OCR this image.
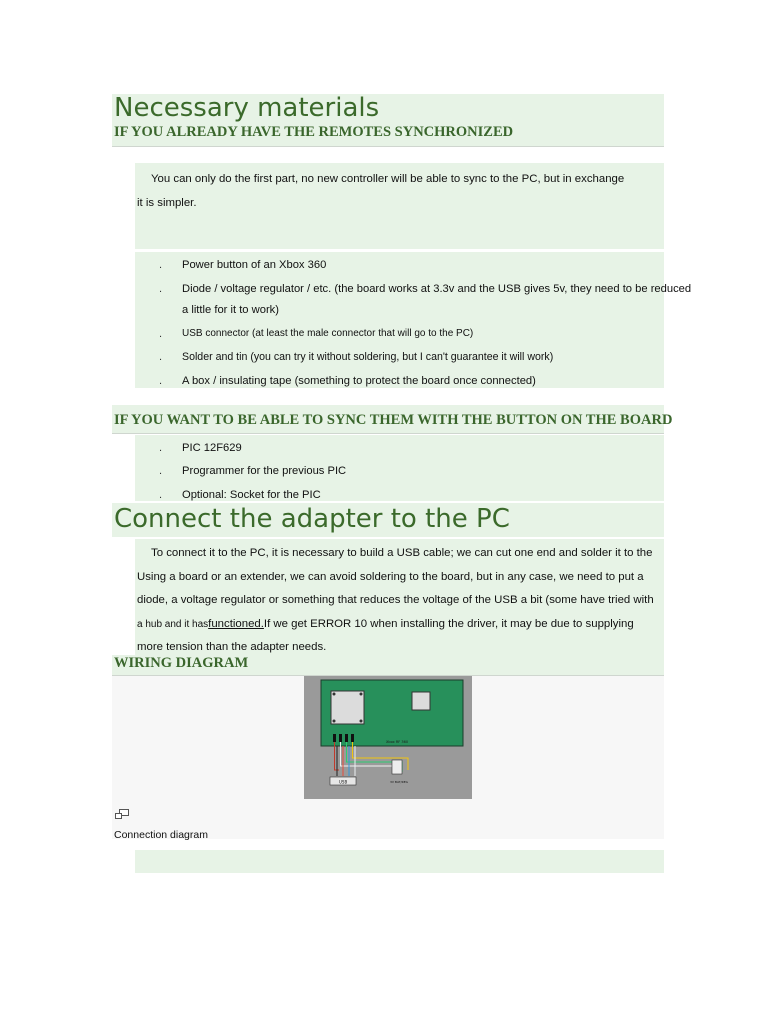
Necessary materials
IF YOU ALREADY HAVE THE REMOTES SYNCHRONIZED
You can only do the first part, no new controller will be able to sync to the PC, but in exchange
it is simpler.
. Power button of an Xbox 360
. Diode / voltage regulator / etc. (the board works at 3.3v and the USB gives 5v, they need to be reduced
a little for it to work)
. USB connector (at least the male connector that will go to the PC)
. Solder and tin (you can try it without soldering, but I can't guarantee it will work)
. A box / insulating tape (something to protect the board once connected)
IF YOU WANT TO BE ABLE TO SYNC THEM WITH THE BUTTON ON THE BOARD
. PIC 12F629
. Programmer for the previous PIC
. Optional: Socket for the PIC
Connect the adapter to the PC
To connect it to the PC, it is necessary to build a USB cable; we can cut one end and solder it to the
Using a board or an extender, we can avoid soldering to the board, but in any case, we need to put a
diode, a voltage regulator or something that reduces the voltage of the USB a bit (some have tried with
a hub and it hasfunctioned.If we get ERROR 10 when installing the driver, it may be due to supplying
more tension than the adapter needs.
WIRING DIAGRAM
Xbox RF 360
USB	3V BAT/REG
Connection diagram
